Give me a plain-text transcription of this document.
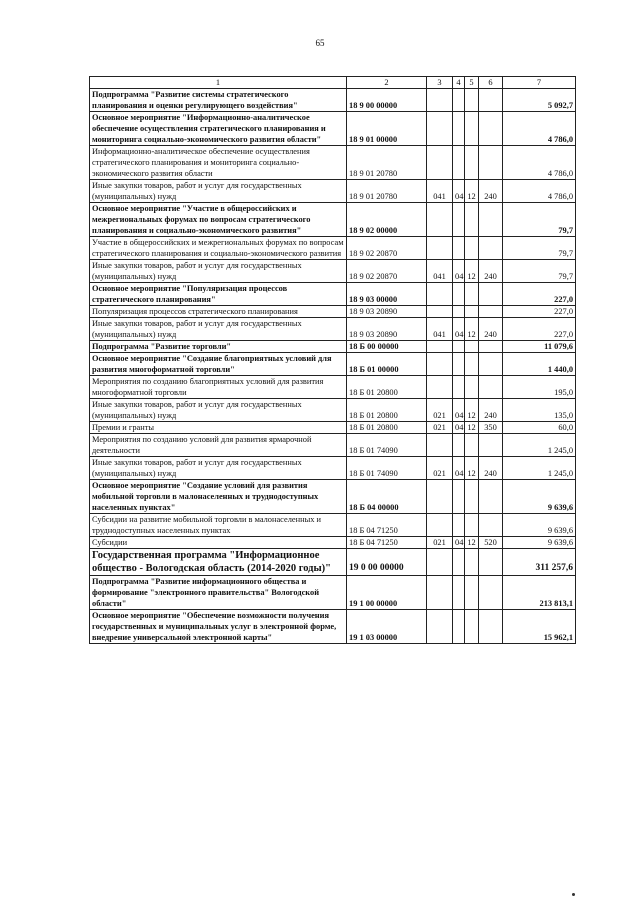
65
1	2	3	4	5	6	7
Подпрограмма "Развитие системы стратегического планирования и оценки регулирующего воздействия"	18 9 00 00000					5 092,7
Основное мероприятие "Информационно-аналитическое обеспечение осуществления стратегического планирования и мониторинга социально-экономического развития области"	18 9 01 00000					4 786,0
Информационно-аналитическое обеспечение осуществления стратегического планирования и мониторинга социально-экономического развития области	18 9 01 20780					4 786,0
Иные закупки товаров, работ и услуг для государственных (муниципальных) нужд	18 9 01 20780	041	04	12	240	4 786,0
Основное мероприятие "Участие в общероссийских и межрегиональных форумах по вопросам стратегического планирования и социально-экономического развития"	18 9 02 00000					79,7
Участие в общероссийских и межрегиональных форумах по вопросам стратегического планирования и социально-экономического развития	18 9 02 20870					79,7
Иные закупки товаров, работ и услуг для государственных (муниципальных) нужд	18 9 02 20870	041	04	12	240	79,7
Основное мероприятие "Популяризация процессов стратегического планирования"	18 9 03 00000					227,0
Популяризация процессов стратегического планирования	18 9 03 20890					227,0
Иные закупки товаров, работ и услуг для государственных (муниципальных) нужд	18 9 03 20890	041	04	12	240	227,0
Подпрограмма "Развитие торговли"	18 Б 00 00000					11 079,6
Основное мероприятие "Создание благоприятных условий для развития многоформатной торговли"	18 Б 01 00000					1 440,0
Мероприятия по созданию благоприятных условий для развития многоформатной торговли	18 Б 01 20800					195,0
Иные закупки товаров, работ и услуг для государственных (муниципальных) нужд	18 Б 01 20800	021	04	12	240	135,0
Премии и гранты	18 Б 01 20800	021	04	12	350	60,0
Мероприятия по созданию условий для развития ярмарочной деятельности	18 Б 01 74090					1 245,0
Иные закупки товаров, работ и услуг для государственных (муниципальных) нужд	18 Б 01 74090	021	04	12	240	1 245,0
Основное мероприятие "Создание условий для развития мобильной торговли в малонаселенных и труднодоступных населенных пунктах"	18 Б 04 00000					9 639,6
Субсидии на развитие мобильной торговли в малонаселенных и труднодоступных населенных пунктах	18 Б 04 71250					9 639,6
Субсидии	18 Б 04 71250	021	04	12	520	9 639,6
Государственная программа "Информационное общество - Вологодская область (2014-2020 годы)"	19 0 00 00000					311 257,6
Подпрограмма "Развитие информационного общества и формирование "электронного правительства" Вологодской области"	19 1 00 00000					213 813,1
Основное мероприятие "Обеспечение возможности получения государственных и муниципальных услуг в электронной форме, внедрение универсальной электронной карты"	19 1 03 00000					15 962,1
